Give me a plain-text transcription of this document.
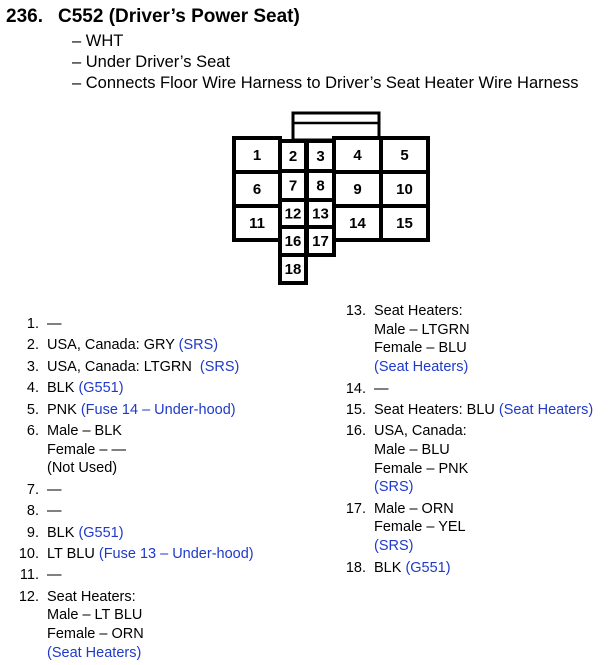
236. C552 (Driver’s Power Seat)
– WHT
– Under Driver’s Seat
– Connects Floor Wire Harness to Driver’s Seat Heater Wire Harness
1 2 3 4	5
6 7 8 9 10
11
12 13
14 15
16 17
18
1. —
2. USA, Canada: GRY (SRS)
3. USA, Canada: LTGRN  (SRS)
4. BLK (G551)
5. PNK (Fuse 14 – Under-hood)
6. Male – BLK
Female – —
(Not Used)
7. —
8. —
9. BLK (G551)
10. LT BLU (Fuse 13 – Under-hood)
11. —
12. Seat Heaters:
Male – LT BLU
Female – ORN
(Seat Heaters)
13. Seat Heaters:
Male – LTGRN
Female – BLU
(Seat Heaters)
14. —
15. Seat Heaters: BLU (Seat Heaters)
16. USA, Canada:
Male – BLU
Female – PNK
(SRS)
17. Male – ORN
Female – YEL
(SRS)
18. BLK (G551)
